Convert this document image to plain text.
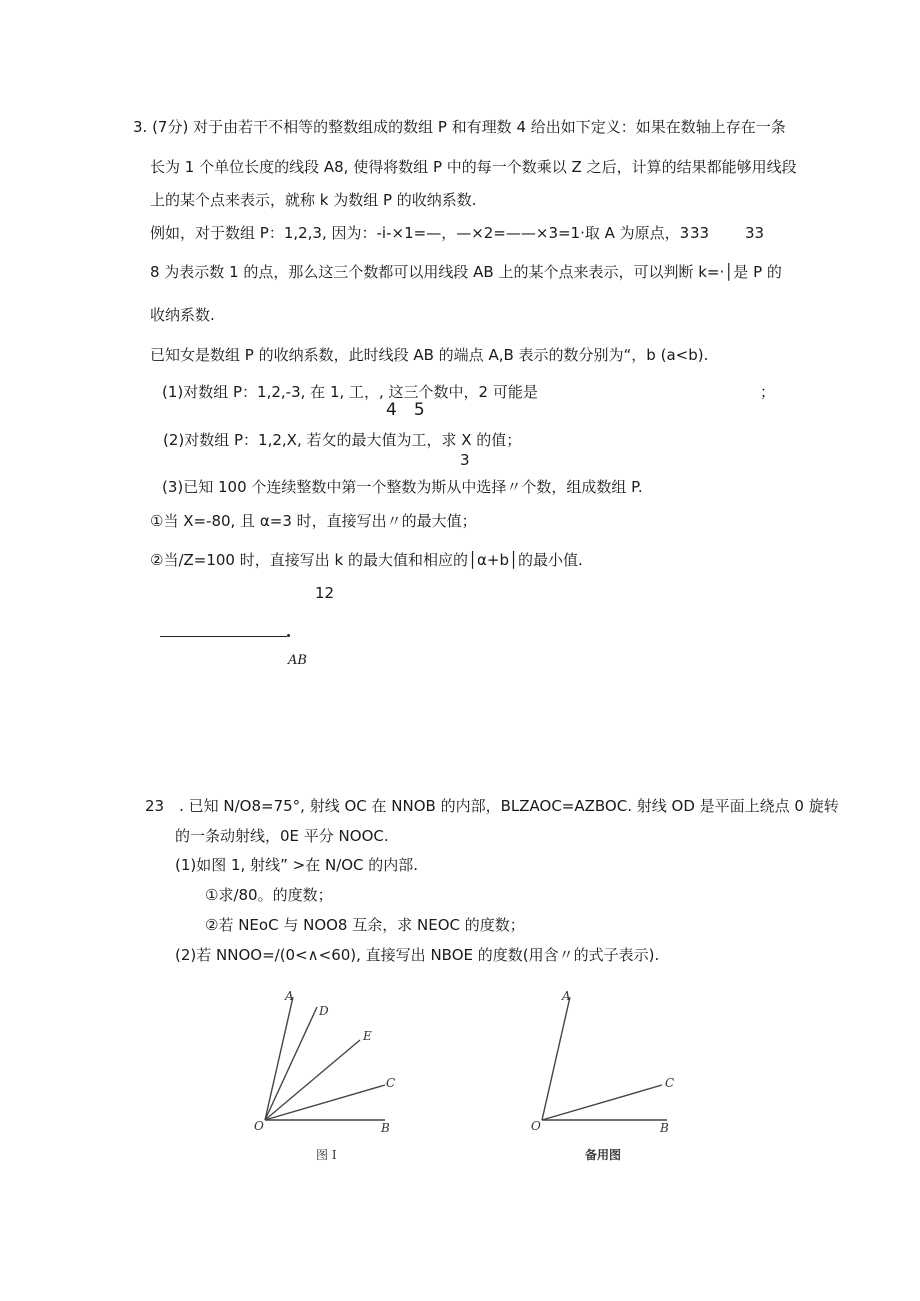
3. (7分) 对于由若干不相等的整数组成的数组 P 和有理数 4 给出如下定义：如果在数轴上存在一条
长为 1 个单位长度的线段 A8, 使得将数组 P 中的每一个数乘以 Z 之后，计算的结果都能够用线段
上的某个点来表示，就称 k 为数组 P 的收纳系数.
例如，对于数组 P：1,2,3, 因为：-i-×1=—，—×2=——×3=1·取 A 为原点，3 33 33
8 为表示数 1 的点，那么这三个数都可以用线段 AB 上的某个点来表示，可以判断 k=·│是 P 的
收纳系数.
已知女是数组 P 的收纳系数，此时线段 AB 的端点 A,B 表示的数分别为“，b (a<b).
(1)对数组 P：1,2,-3, 在 1, 工，, 这三个数中，2 可能是	；
4　5
(2)对数组 P：1,2,X, 若攵的最大值为工，求 X 的值；
3
(3)已知 100 个连续整数中第一个整数为斯从中选择〃个数，组成数组 P.
①当 X=-80, 且 α=3 时，直接写出〃的最大值；
②当/Z=100 时，直接写出 k 的最大值和相应的│α+b│的最小值.
12
AB
23　. 已知 N/O8=75°, 射线 OC 在 NNOB 的内部，BLZAOC=AZBOC. 射线 OD 是平面上绕点 0 旋转
的一条动射线，0E 平分 NOOC.
(1)如图 1, 射线” >在 N/OC 的内部.
①求/80。的度数；
②若 NEoC 与 NOO8 互余，求 NEOC 的度数；
(2)若 NNOO=/(0<∧<60), 直接写出 NBOE 的度数(用含〃的式子表示).
A
D
E
C
O	B
图 I
A
C
O	B
备用图
